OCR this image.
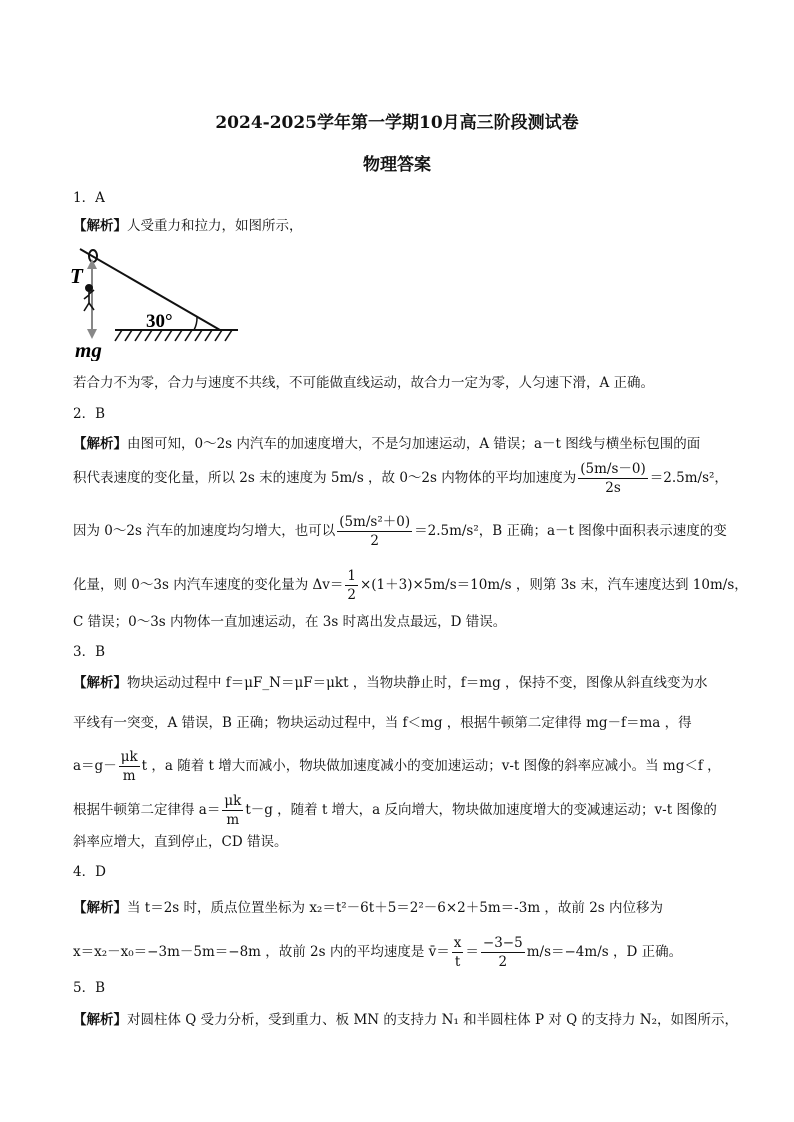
2024-2025学年第一学期10月高三阶段测试卷
物理答案
1．A
【解析】人受重力和拉力，如图所示，
T
30°
mg
若合力不为零，合力与速度不共线，不可能做直线运动，故合力一定为零，人匀速下滑，A 正确。
2．B
【解析】由图可知，0～2s 内汽车的加速度增大，不是匀加速运动，A 错误；a－t 图线与横坐标包围的面
积代表速度的变化量，所以 2s 末的速度为 5m/s ，故 0～2s 内物体的平均加速度为 $\frac{(5m/s-0)}{2s} =2.5m/s^2$，
因为 0～2s 汽车的加速度均匀增大，也可以 $\frac{\text{(5m/s²＋0)}}{2} =2.5m/s^2$，B 正确；a－t 图像中面积表示速度的变
化量，则 0～3s 内汽车速度的变化量为 $\Delta v= \frac{1}{2} \times(1+3)\times 5m/s=10m/s$ ，则第 3s 末，汽车速度达到 10m/s，
C 错误；0～3s 内物体一直加速运动，在 3s 时离出发点最远，D 错误。
3．B
【解析】物块运动过程中 f＝μF_N＝μF＝μkt ，当物块静止时，f＝mg ，保持不变，图像从斜直线变为水
平线有一突变，A 错误，B 正确；物块运动过程中，当 f＜mg ，根据牛顿第二定律得 mg－f＝ma ，得
$a=g- \frac{\mu k}{m}$ t ，a 随着 t 增大而减小，物块做加速度减小的变加速运动；v-t 图像的斜率应减小。当 mg＜f ，
根据牛顿第二定律得 $a= \frac{\mu k}{m} t-g$ ，随着 t 增大，a 反向增大，物块做加速度增大的变减速运动；v-t 图像的
斜率应增大，直到停止，CD 错误。
4．D
【解析】当 t＝2s 时，质点位置坐标为 x₂＝t²－6t＋5＝2²－6×2＋5m＝-3m ，故前 2s 内位移为
x＝x₂－x₀＝−3m－5m＝−8m ，故前 2s 内的平均速度是 v̄＝ $\frac{x}{t} = \frac{-3-5}{2} m/s=-4m/s$ ，D 正确。
5．B
【解析】对圆柱体 Q 受力分析，受到重力、板 MN 的支持力 N₁ 和半圆柱体 P 对 Q 的支持力 N₂，如图所示，
